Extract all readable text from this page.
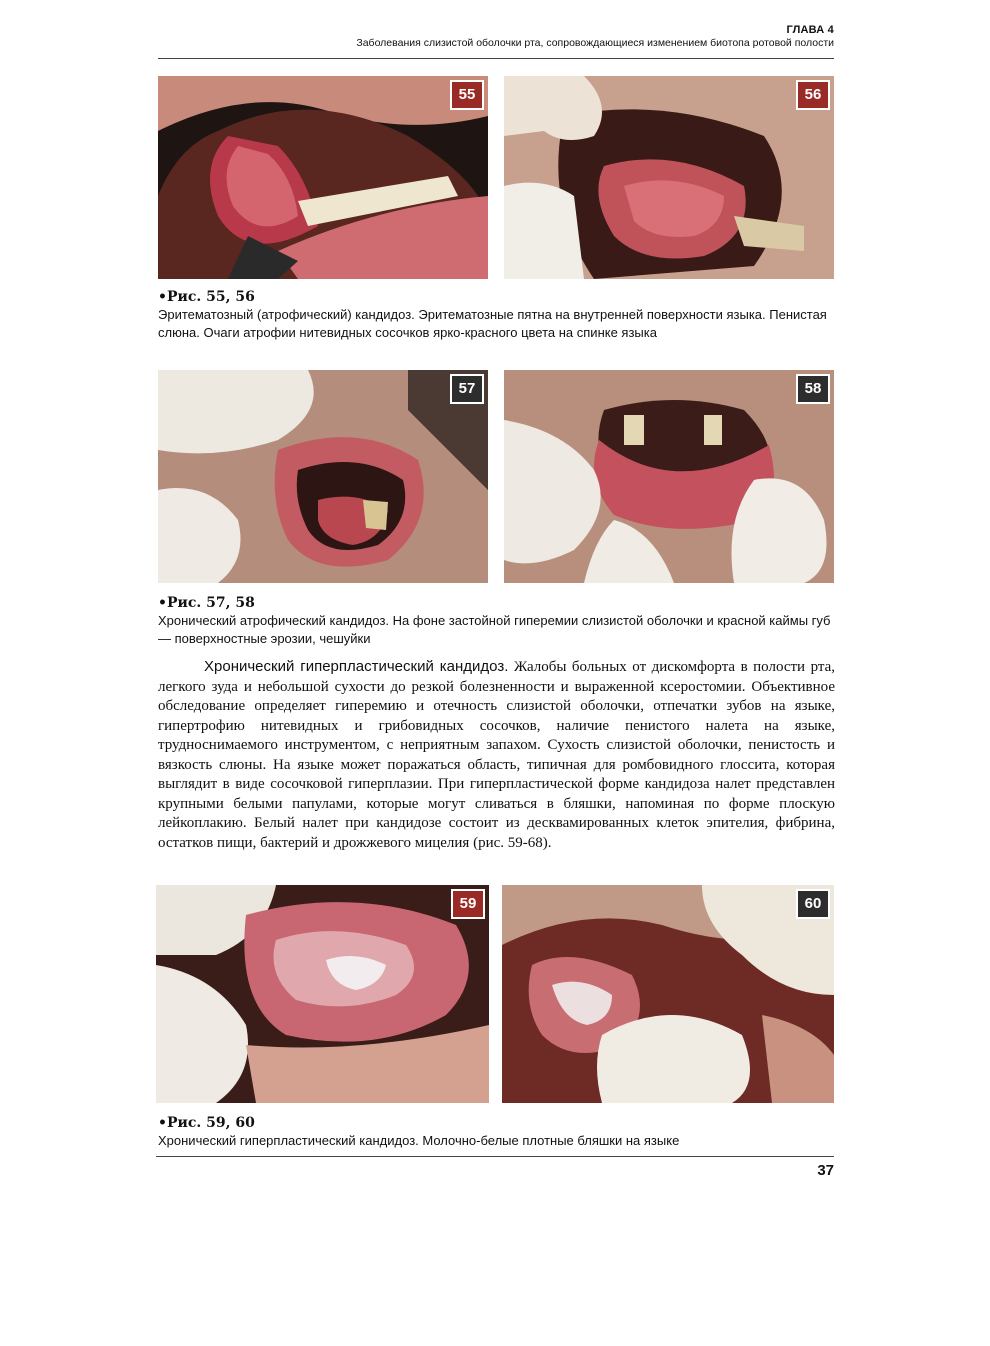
ГЛАВА 4
Заболевания слизистой оболочки рта, сопровождающиеся изменением биотопа ротовой полости
55	56
•Рис. 55, 56
Эритематозный (атрофический) кандидоз. Эритематозные пятна на внутренней поверхности языка. Пенистая слюна. Очаги атрофии нитевидных сосочков ярко-красного цвета на спинке языка
57	58
•Рис. 57, 58
Хронический атрофический кандидоз. На фоне застойной гиперемии слизистой оболочки и красной каймы губ — поверхностные эрозии, чешуйки
Хронический гиперпластический кандидоз. Жалобы больных от дискомфорта в полости рта, легкого зуда и небольшой сухости до резкой болезненности и выраженной ксеростомии. Объективное обследование определяет гиперемию и отечность слизистой оболочки, отпечатки зубов на языке, гипертрофию нитевидных и грибовидных сосочков, наличие пенистого налета на языке, трудноснимаемого инструментом, с неприятным запахом. Сухость слизистой оболочки, пенистость и вязкость слюны. На языке может поражаться область, типичная для ромбовидного глоссита, которая выглядит в виде сосочковой гиперплазии. При гиперпластической форме кандидоза налет представлен крупными белыми папулами, которые могут сливаться в бляшки, напоминая по форме плоскую лейкоплакию. Белый налет при кандидозе состоит из десквамированных клеток эпителия, фибрина, остатков пищи, бактерий и дрожжевого мицелия (рис. 59-68).
59	60
•Рис. 59, 60
Хронический гиперпластический кандидоз. Молочно-белые плотные бляшки на языке
37
